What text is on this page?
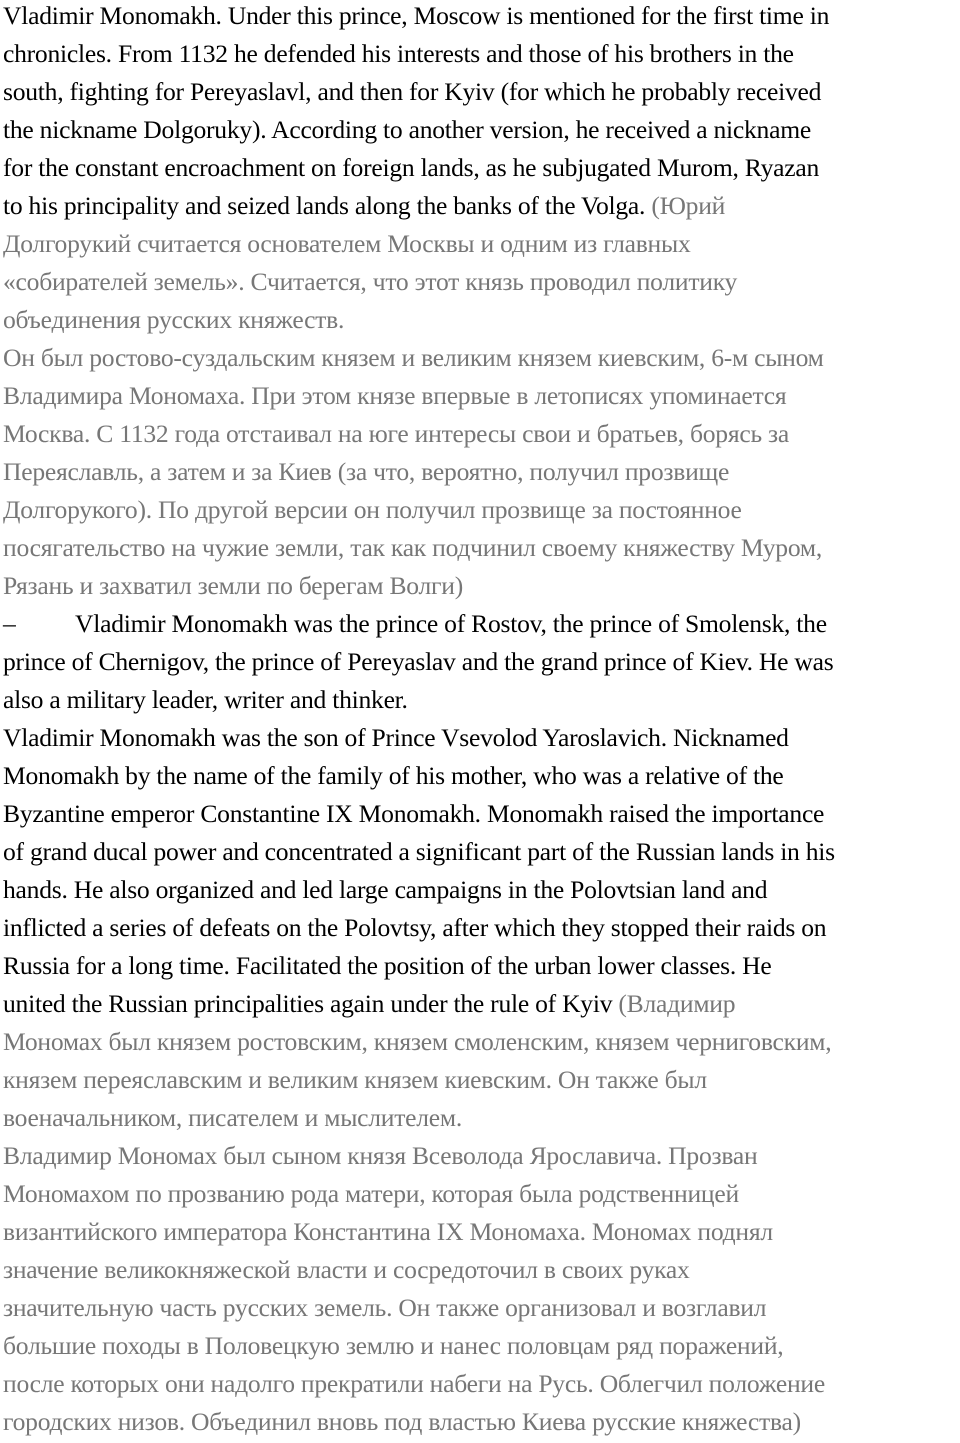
Vladimir Monomakh. Under this prince, Moscow is mentioned for the first time in
chronicles. From 1132 he defended his interests and those of his brothers in the
south, fighting for Pereyaslavl, and then for Kyiv (for which he probably received
the nickname Dolgoruky). According to another version, he received a nickname
for the constant encroachment on foreign lands, as he subjugated Murom, Ryazan
to his principality and seized lands along the banks of the Volga. (Юрий
Долгорукий считается основателем Москвы и одним из главных
«собирателей земель». Считается, что этот князь проводил политику
объединения русских княжеств.
Он был ростово-суздальским князем и великим князем киевским, 6-м сыном
Владимира Мономаха. При этом князе впервые в летописях упоминается
Москва. С 1132 года отстаивал на юге интересы свои и братьев, борясь за
Переяславль, а затем и за Киев (за что, вероятно, получил прозвище
Долгорукого). По другой версии он получил прозвище за постоянное
посягательство на чужие земли, так как подчинил своему княжеству Муром,
Рязань и захватил земли по берегам Волги)
– Vladimir Monomakh was the prince of Rostov, the prince of Smolensk, the
prince of Chernigov, the prince of Pereyaslav and the grand prince of Kiev. He was
also a military leader, writer and thinker.
Vladimir Monomakh was the son of Prince Vsevolod Yaroslavich. Nicknamed
Monomakh by the name of the family of his mother, who was a relative of the
Byzantine emperor Constantine IX Monomakh. Monomakh raised the importance
of grand ducal power and concentrated a significant part of the Russian lands in his
hands. He also organized and led large campaigns in the Polovtsian land and
inflicted a series of defeats on the Polovtsy, after which they stopped their raids on
Russia for a long time. Facilitated the position of the urban lower classes. He
united the Russian principalities again under the rule of Kyiv (Владимир
Мономах был князем ростовским, князем смоленским, князем черниговским,
князем переяславским и великим князем киевским. Он также был
военачальником, писателем и мыслителем.
Владимир Мономах был сыном князя Всеволода Ярославича. Прозван
Мономахом по прозванию рода матери, которая была родственницей
византийского императора Константина IX Мономаха. Мономах поднял
значение великокняжеской власти и сосредоточил в своих руках
значительную часть русских земель. Он также организовал и возглавил
большие походы в Половецкую землю и нанес половцам ряд поражений,
после которых они надолго прекратили набеги на Русь. Облегчил положение
городских низов. Объединил вновь под властью Киева русские княжества)
